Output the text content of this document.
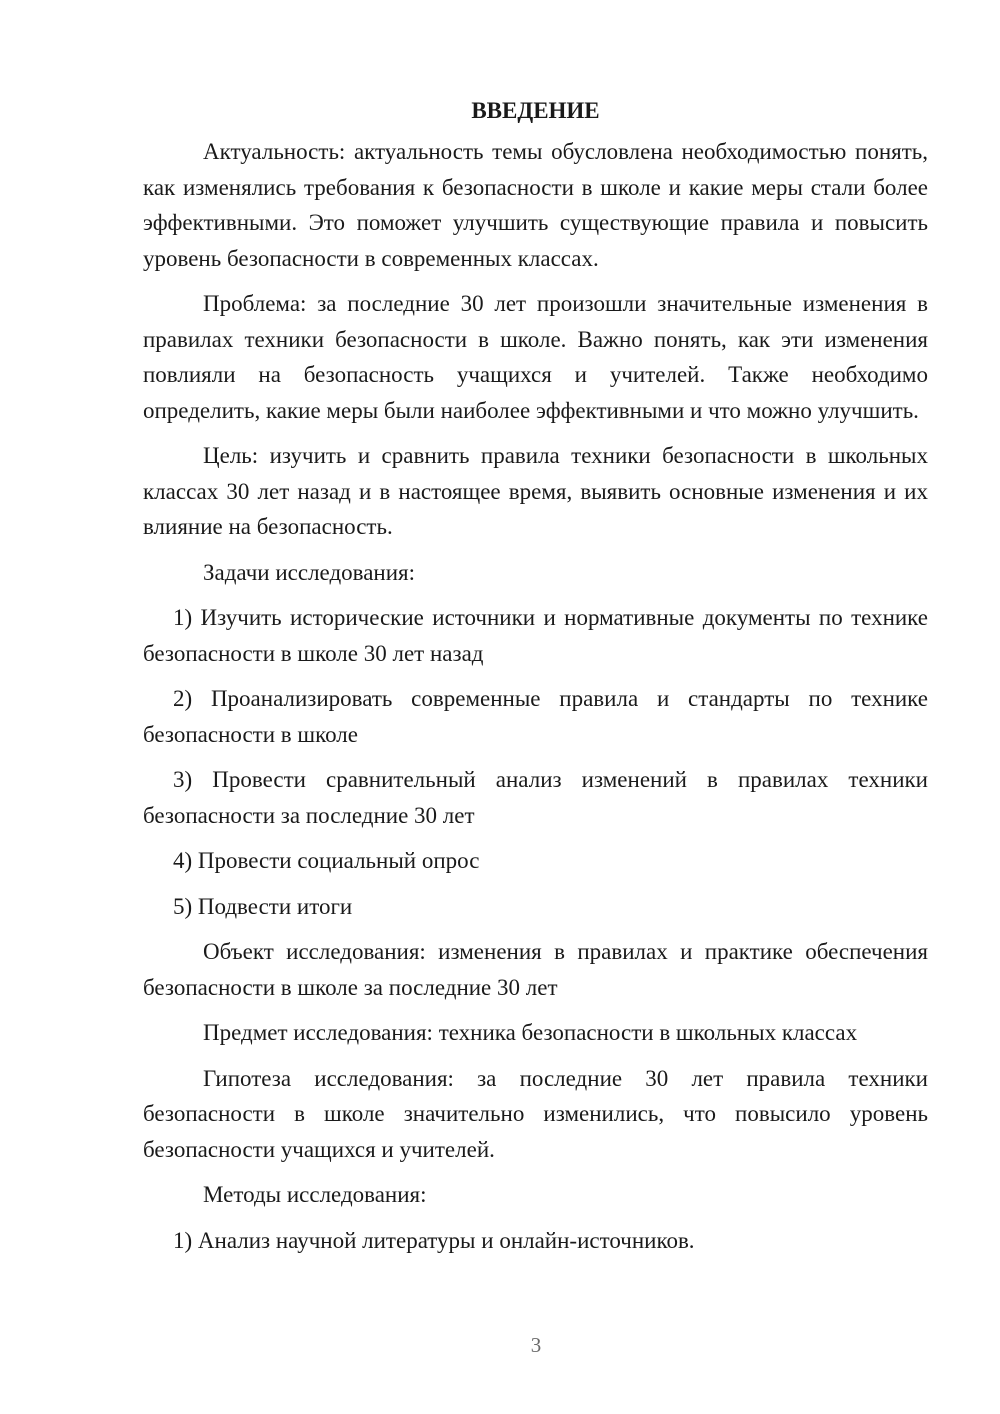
ВВЕДЕНИЕ

Актуальность: актуальность темы обусловлена необходимостью понять, как изменялись требования к безопасности в школе и какие меры стали более эффективными. Это поможет улучшить существующие правила и повысить уровень безопасности в современных классах.

Проблема: за последние 30 лет произошли значительные изменения в правилах техники безопасности в школе. Важно понять, как эти изменения повлияли на безопасность учащихся и учителей. Также необходимо определить, какие меры были наиболее эффективными и что можно улучшить.

Цель: изучить и сравнить правила техники безопасности в школьных классах 30 лет назад и в настоящее время, выявить основные изменения и их влияние на безопасность.

Задачи исследования:

1) Изучить исторические источники и нормативные документы по технике безопасности в школе 30 лет назад

2) Проанализировать современные правила и стандарты по технике безопасности в школе

3) Провести сравнительный анализ изменений в правилах техники безопасности за последние 30 лет

4) Провести социальный опрос

5) Подвести итоги

Объект исследования: изменения в правилах и практике обеспечения безопасности в школе за последние 30 лет

Предмет исследования: техника безопасности в школьных классах

Гипотеза исследования: за последние 30 лет правила техники безопасности в школе значительно изменились, что повысило уровень безопасности учащихся и учителей.

Методы исследования:

1) Анализ научной литературы и онлайн-источников.

3
